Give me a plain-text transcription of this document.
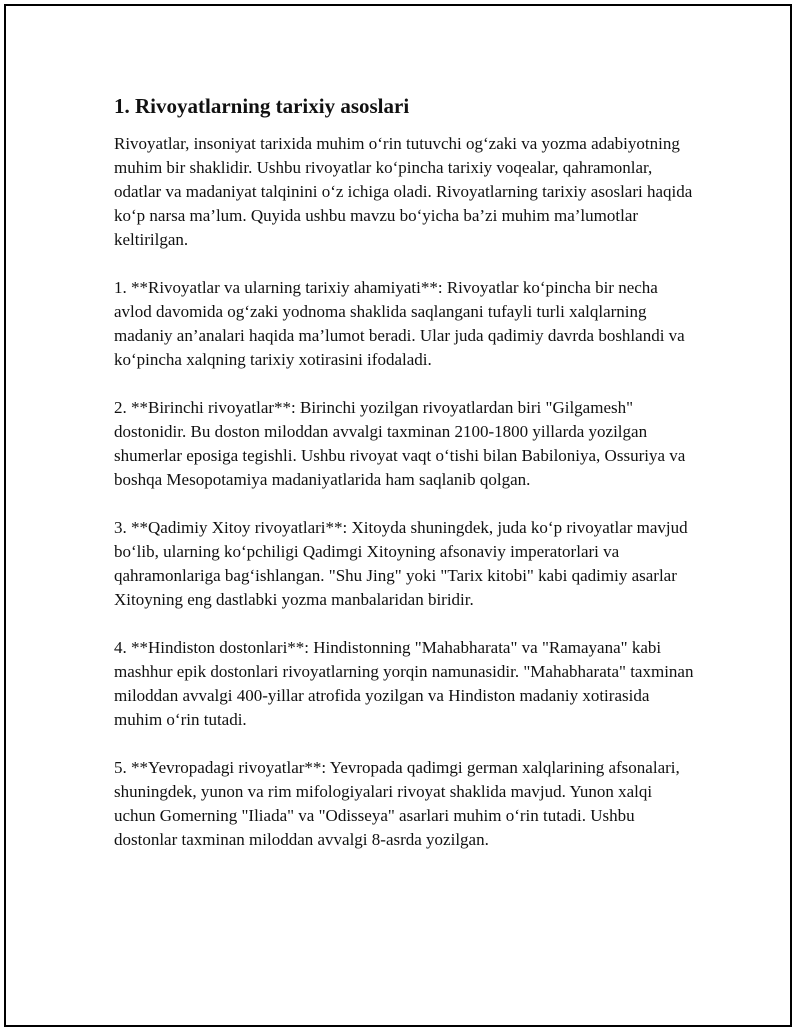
1. Rivoyatlarning tarixiy asoslari

Rivoyatlar, insoniyat tarixida muhim o‘rin tutuvchi og‘zaki va yozma adabiyotning muhim bir shaklidir. Ushbu rivoyatlar ko‘pincha tarixiy voqealar, qahramonlar, odatlar va madaniyat talqinini o‘z ichiga oladi. Rivoyatlarning tarixiy asoslari haqida ko‘p narsa ma’lum. Quyida ushbu mavzu bo‘yicha ba’zi muhim ma’lumotlar keltirilgan.

1. **Rivoyatlar va ularning tarixiy ahamiyati**: Rivoyatlar ko‘pincha bir necha avlod davomida og‘zaki yodnoma shaklida saqlangani tufayli turli xalqlarning madaniy an’analari haqida ma’lumot beradi. Ular juda qadimiy davrda boshlandi va ko‘pincha xalqning tarixiy xotirasini ifodaladi.

2. **Birinchi rivoyatlar**: Birinchi yozilgan rivoyatlardan biri "Gilgamesh" dostonidir. Bu doston miloddan avvalgi taxminan 2100-1800 yillarda yozilgan shumerlar eposiga tegishli. Ushbu rivoyat vaqt o‘tishi bilan Babiloniya, Ossuriya va boshqa Mesopotamiya madaniyatlarida ham saqlanib qolgan.

3. **Qadimiy Xitoy rivoyatlari**: Xitoyda shuningdek, juda ko‘p rivoyatlar mavjud bo‘lib, ularning ko‘pchiligi Qadimgi Xitoyning afsonaviy imperatorlari va qahramonlariga bag‘ishlangan. "Shu Jing" yoki "Tarix kitobi" kabi qadimiy asarlar Xitoyning eng dastlabki yozma manbalaridan biridir.

4. **Hindiston dostonlari**: Hindistonning "Mahabharata" va "Ramayana" kabi mashhur epik dostonlari rivoyatlarning yorqin namunasidir. "Mahabharata" taxminan miloddan avvalgi 400-yillar atrofida yozilgan va Hindiston madaniy xotirasida muhim o‘rin tutadi.

5. **Yevropadagi rivoyatlar**: Yevropada qadimgi german xalqlarining afsonalari, shuningdek, yunon va rim mifologiyalari rivoyat shaklida mavjud. Yunon xalqi uchun Gomerning "Iliada" va "Odisseya" asarlari muhim o‘rin tutadi. Ushbu dostonlar taxminan miloddan avvalgi 8-asrda yozilgan.
